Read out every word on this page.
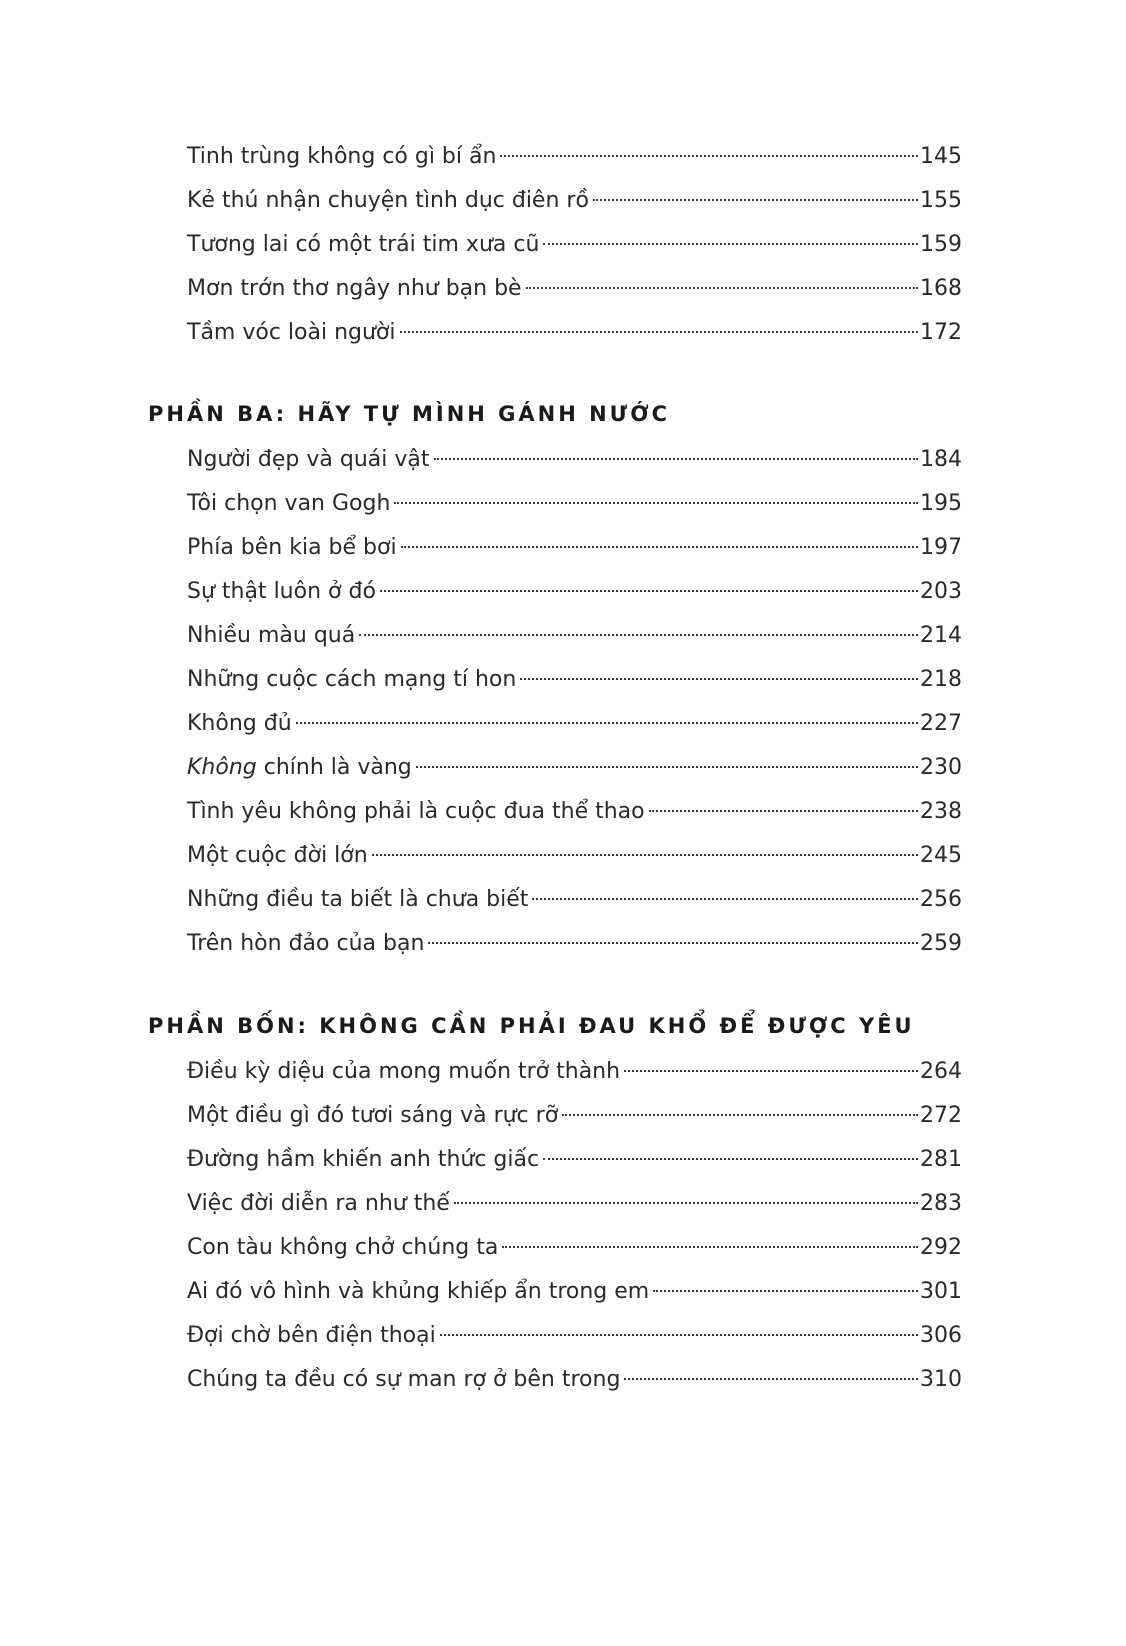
Tinh trùng không có gì bí ẩn	145
Kẻ thú nhận chuyện tình dục điên rồ	155
Tương lai có một trái tim xưa cũ	159
Mơn trớn thơ ngây như bạn bè	168
Tầm vóc loài người	172
PHẦN BA: HÃY TỰ MÌNH GÁNH NƯỚC
Người đẹp và quái vật	184
Tôi chọn van Gogh	195
Phía bên kia bể bơi	197
Sự thật luôn ở đó	203
Nhiều màu quá	214
Những cuộc cách mạng tí hon	218
Không đủ	227
Không chính là vàng	230
Tình yêu không phải là cuộc đua thể thao	238
Một cuộc đời lớn	245
Những điều ta biết là chưa biết	256
Trên hòn đảo của bạn	259
PHẦN BỐN: KHÔNG CẦN PHẢI ĐAU KHỔ ĐỂ ĐƯỢC YÊU
Điều kỳ diệu của mong muốn trở thành	264
Một điều gì đó tươi sáng và rực rỡ	272
Đường hầm khiến anh thức giấc	281
Việc đời diễn ra như thế	283
Con tàu không chở chúng ta	292
Ai đó vô hình và khủng khiếp ẩn trong em	301
Đợi chờ bên điện thoại	306
Chúng ta đều có sự man rợ ở bên trong	310
